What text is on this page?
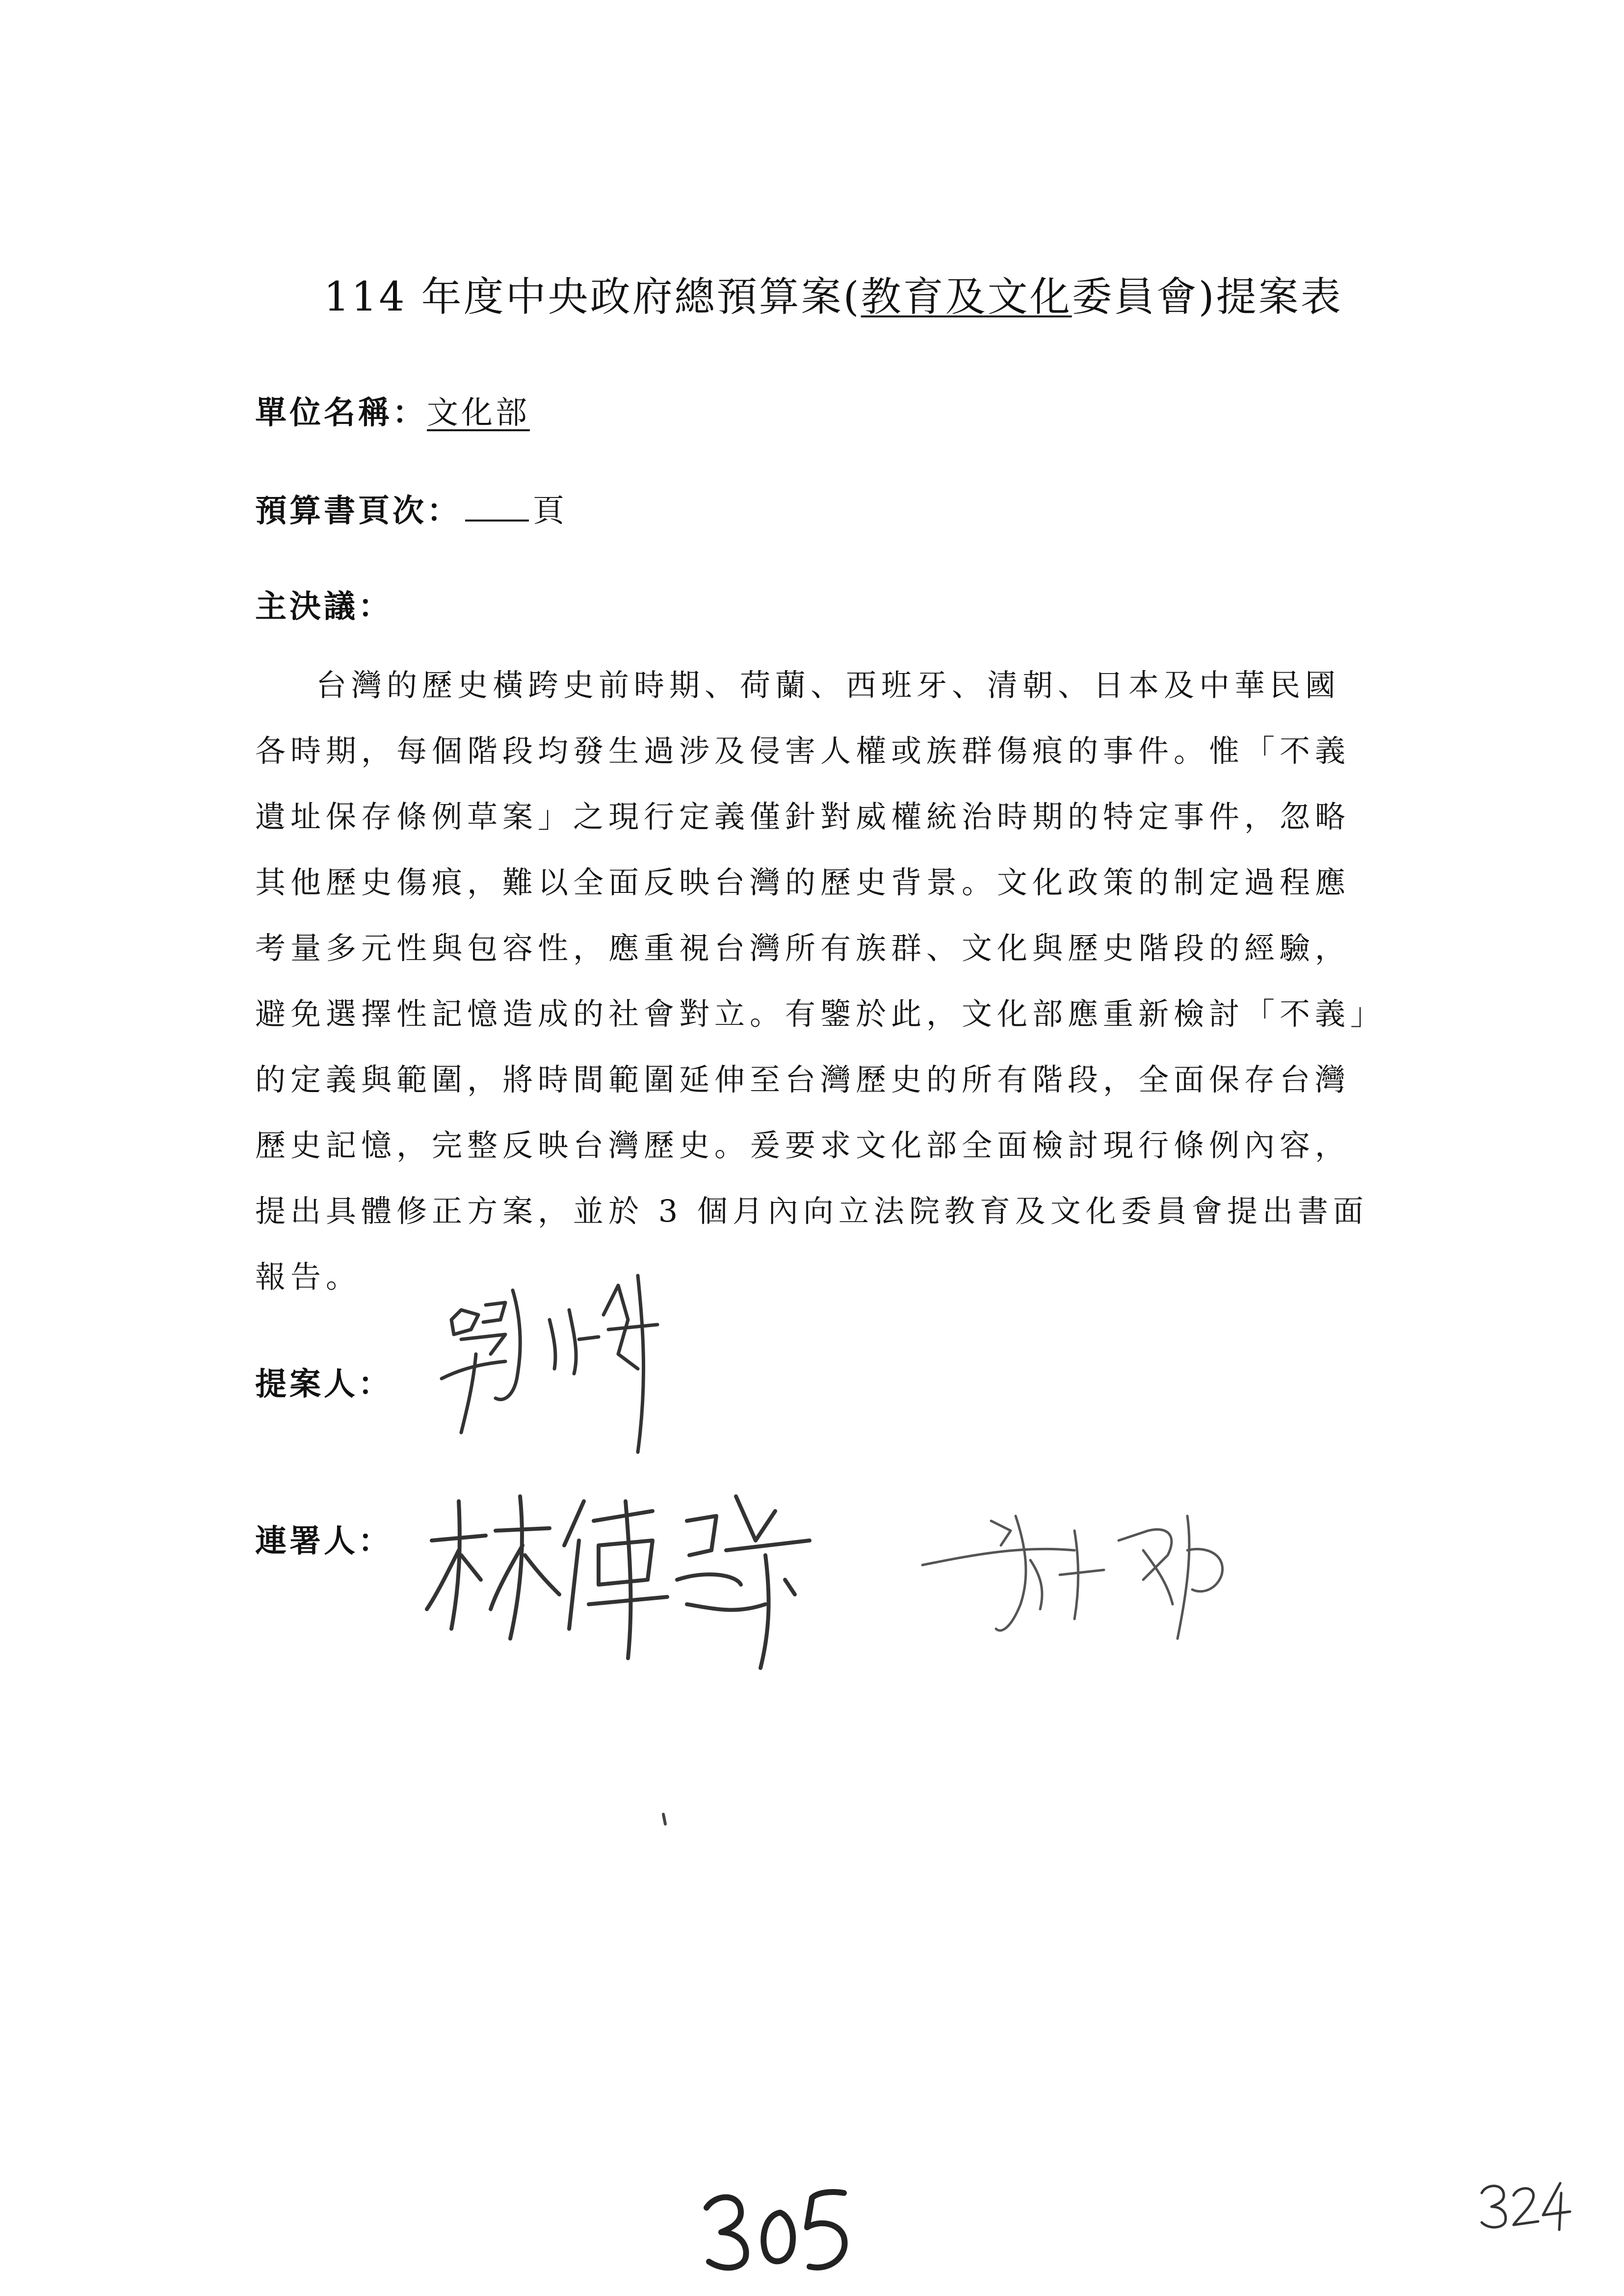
114 年度中央政府總預算案(教育及文化委員會)提案表
單位名稱：文化部
預算書頁次： 頁
主決議：
台灣的歷史橫跨史前時期、荷蘭、西班牙、清朝、日本及中華民國
各時期，每個階段均發生過涉及侵害人權或族群傷痕的事件。惟「不義
遺址保存條例草案」之現行定義僅針對威權統治時期的特定事件，忽略
其他歷史傷痕，難以全面反映台灣的歷史背景。文化政策的制定過程應
考量多元性與包容性，應重視台灣所有族群、文化與歷史階段的經驗，
避免選擇性記憶造成的社會對立。有鑒於此，文化部應重新檢討「不義」
的定義與範圍，將時間範圍延伸至台灣歷史的所有階段，全面保存台灣
歷史記憶，完整反映台灣歷史。爰要求文化部全面檢討現行條例內容，
提出具體修正方案，並於 3 個月內向立法院教育及文化委員會提出書面
報告。
提案人：
連署人：
